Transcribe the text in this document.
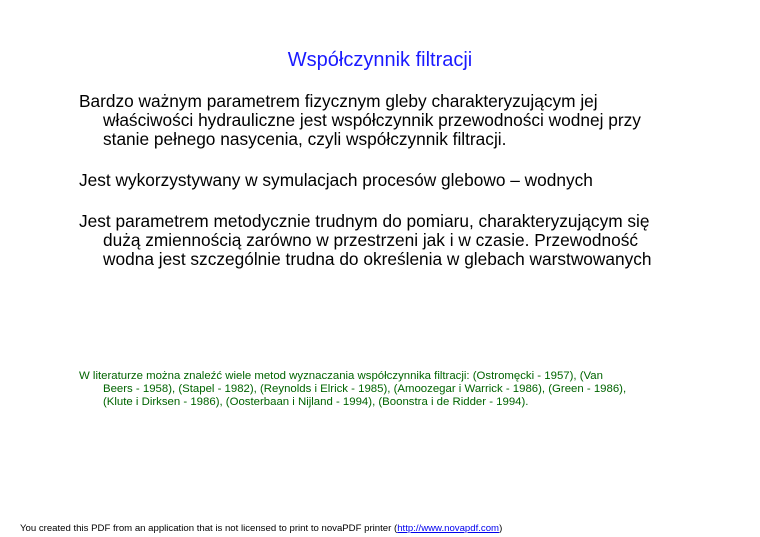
Współczynnik filtracji

Bardzo ważnym parametrem fizycznym gleby charakteryzującym jej
właściwości hydrauliczne jest współczynnik przewodności wodnej przy
stanie pełnego nasycenia, czyli współczynnik filtracji.

Jest wykorzystywany w symulacjach procesów glebowo – wodnych

Jest parametrem metodycznie trudnym do pomiaru, charakteryzującym się
dużą zmiennością zarówno w przestrzeni jak i w czasie. Przewodność
wodna jest szczególnie trudna do określenia w glebach warstwowanych

W literaturze można znaleźć wiele metod wyznaczania współczynnika filtracji: (Ostromęcki - 1957), (Van
Beers - 1958), (Stapel - 1982), (Reynolds i Elrick - 1985), (Amoozegar i Warrick - 1986), (Green - 1986),
(Klute i Dirksen - 1986), (Oosterbaan i Nijland - 1994), (Boonstra i de Ridder - 1994).

You created this PDF from an application that is not licensed to print to novaPDF printer (http://www.novapdf.com)
